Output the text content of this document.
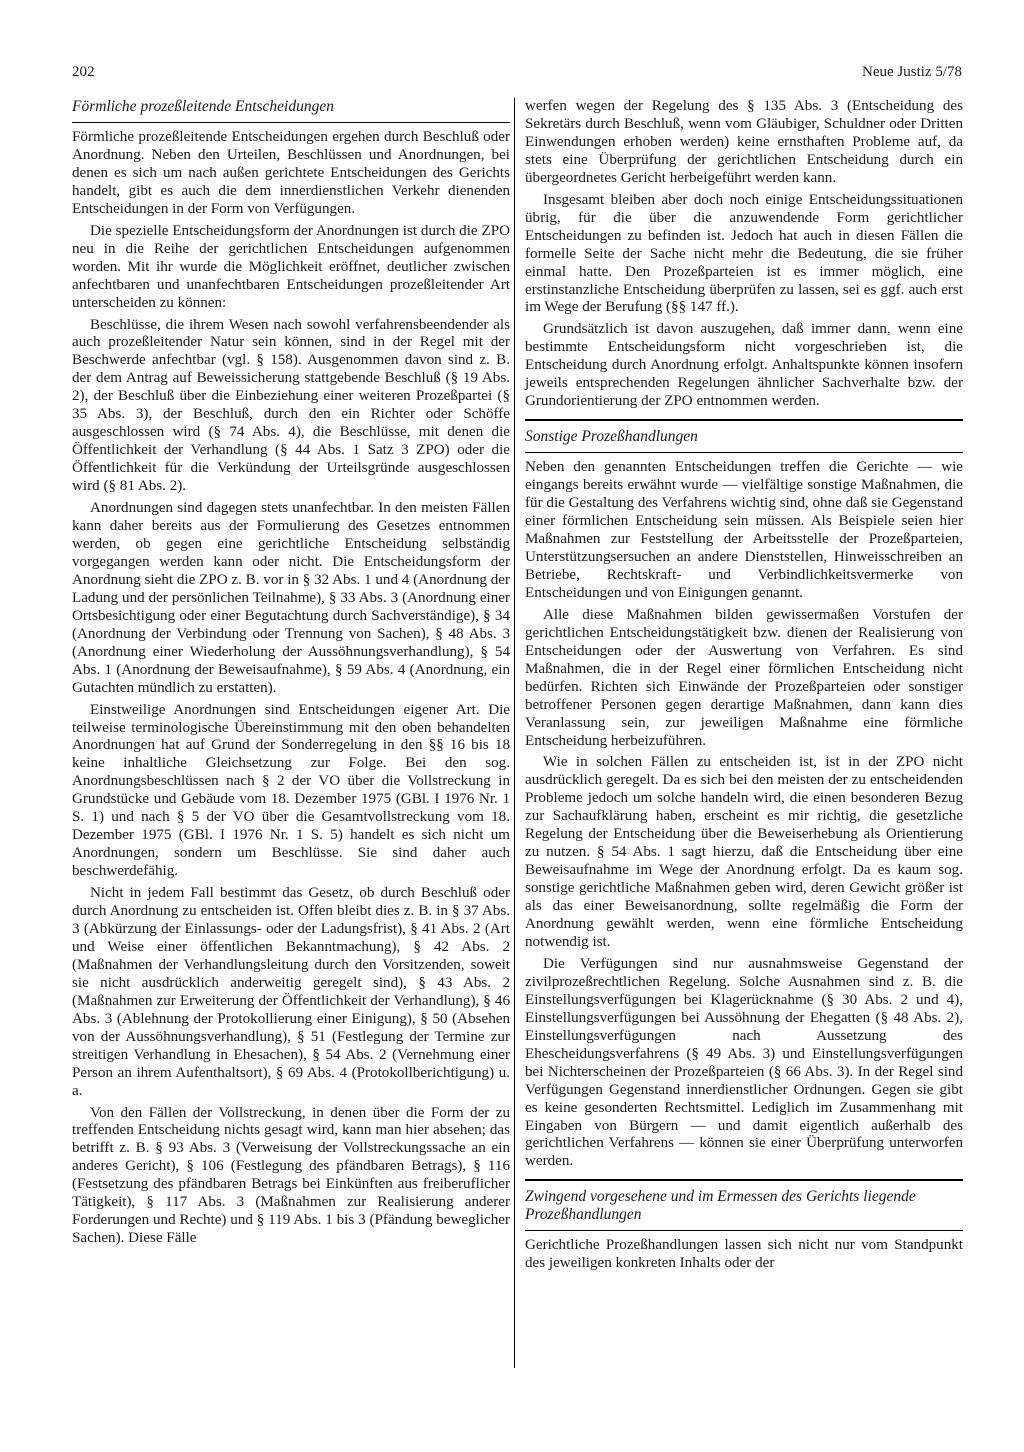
202	Neue Justiz 5/78
Förmliche prozeßleitende Entscheidungen

Förmliche prozeßleitende Entscheidungen ergehen durch Beschluß oder Anordnung. Neben den Urteilen, Beschlüssen und Anordnungen, bei denen es sich um nach außen gerichtete Entscheidungen des Gerichts handelt, gibt es auch die dem innerdienstlichen Verkehr dienenden Entscheidungen in der Form von Verfügungen.

Die spezielle Entscheidungsform der Anordnungen ist durch die ZPO neu in die Reihe der gerichtlichen Entscheidungen aufgenommen worden. Mit ihr wurde die Möglichkeit eröffnet, deutlicher zwischen anfechtbaren und unanfechtbaren Entscheidungen prozeßleitender Art unterscheiden zu können:

Beschlüsse, die ihrem Wesen nach sowohl verfahrensbeendender als auch prozeßleitender Natur sein können, sind in der Regel mit der Beschwerde anfechtbar (vgl. § 158). Ausgenommen davon sind z. B. der dem Antrag auf Beweissicherung stattgebende Beschluß (§ 19 Abs. 2), der Beschluß über die Einbeziehung einer weiteren Prozeßpartei (§ 35 Abs. 3), der Beschluß, durch den ein Richter oder Schöffe ausgeschlossen wird (§ 74 Abs. 4), die Beschlüsse, mit denen die Öffentlichkeit der Verhandlung (§ 44 Abs. 1 Satz 3 ZPO) oder die Öffentlichkeit für die Verkündung der Urteilsgründe ausgeschlossen wird (§ 81 Abs. 2).

Anordnungen sind dagegen stets unanfechtbar. In den meisten Fällen kann daher bereits aus der Formulierung des Gesetzes entnommen werden, ob gegen eine gerichtliche Entscheidung selbständig vorgegangen werden kann oder nicht. Die Entscheidungsform der Anordnung sieht die ZPO z. B. vor in § 32 Abs. 1 und 4 (Anordnung der Ladung und der persönlichen Teilnahme), § 33 Abs. 3 (Anordnung einer Ortsbesichtigung oder einer Begutachtung durch Sachverständige), § 34 (Anordnung der Verbindung oder Trennung von Sachen), § 48 Abs. 3 (Anordnung einer Wiederholung der Aussöhnungsverhandlung), § 54 Abs. 1 (Anordnung der Beweisaufnahme), § 59 Abs. 4 (Anordnung, ein Gutachten mündlich zu erstatten).

Einstweilige Anordnungen sind Entscheidungen eigener Art. Die teilweise terminologische Übereinstimmung mit den oben behandelten Anordnungen hat auf Grund der Sonderregelung in den §§ 16 bis 18 keine inhaltliche Gleichsetzung zur Folge. Bei den sog. Anordnungsbeschlüssen nach § 2 der VO über die Vollstreckung in Grundstücke und Gebäude vom 18. Dezember 1975 (GBl. I 1976 Nr. 1 S. 1) und nach § 5 der VO über die Gesamtvollstreckung vom 18. Dezember 1975 (GBl. I 1976 Nr. 1 S. 5) handelt es sich nicht um Anordnungen, sondern um Beschlüsse. Sie sind daher auch beschwerdefähig.

Nicht in jedem Fall bestimmt das Gesetz, ob durch Beschluß oder durch Anordnung zu entscheiden ist. Offen bleibt dies z. B. in § 37 Abs. 3 (Abkürzung der Einlassungs- oder der Ladungsfrist), § 41 Abs. 2 (Art und Weise einer öffentlichen Bekanntmachung), § 42 Abs. 2 (Maßnahmen der Verhandlungsleitung durch den Vorsitzenden, soweit sie nicht ausdrücklich anderweitig geregelt sind), § 43 Abs. 2 (Maßnahmen zur Erweiterung der Öffentlichkeit der Verhandlung), § 46 Abs. 3 (Ablehnung der Protokollierung einer Einigung), § 50 (Absehen von der Aussöhnungsverhandlung), § 51 (Festlegung der Termine zur streitigen Verhandlung in Ehesachen), § 54 Abs. 2 (Vernehmung einer Person an ihrem Aufenthaltsort), § 69 Abs. 4 (Protokollberichtigung) u. a.

Von den Fällen der Vollstreckung, in denen über die Form der zu treffenden Entscheidung nichts gesagt wird, kann man hier absehen; das betrifft z. B. § 93 Abs. 3 (Verweisung der Vollstreckungssache an ein anderes Gericht), § 106 (Festlegung des pfändbaren Betrags), § 116 (Festsetzung des pfändbaren Betrags bei Einkünften aus freiberuflicher Tätigkeit), § 117 Abs. 3 (Maßnahmen zur Realisierung anderer Forderungen und Rechte) und § 119 Abs. 1 bis 3 (Pfändung beweglicher Sachen). Diese Fälle

werfen wegen der Regelung des § 135 Abs. 3 (Entscheidung des Sekretärs durch Beschluß, wenn vom Gläubiger, Schuldner oder Dritten Einwendungen erhoben werden) keine ernsthaften Probleme auf, da stets eine Überprüfung der gerichtlichen Entscheidung durch ein übergeordnetes Gericht herbeigeführt werden kann.

Insgesamt bleiben aber doch noch einige Entscheidungssituationen übrig, für die über die anzuwendende Form gerichtlicher Entscheidungen zu befinden ist. Jedoch hat auch in diesen Fällen die formelle Seite der Sache nicht mehr die Bedeutung, die sie früher einmal hatte. Den Prozeßparteien ist es immer möglich, eine erstinstanzliche Entscheidung überprüfen zu lassen, sei es ggf. auch erst im Wege der Berufung (§§ 147 ff.).

Grundsätzlich ist davon auszugehen, daß immer dann, wenn eine bestimmte Entscheidungsform nicht vorgeschrieben ist, die Entscheidung durch Anordnung erfolgt. Anhaltspunkte können insofern jeweils entsprechenden Regelungen ähnlicher Sachverhalte bzw. der Grundorientierung der ZPO entnommen werden.

Sonstige Prozeßhandlungen

Neben den genannten Entscheidungen treffen die Gerichte — wie eingangs bereits erwähnt wurde — vielfältige sonstige Maßnahmen, die für die Gestaltung des Verfahrens wichtig sind, ohne daß sie Gegenstand einer förmlichen Entscheidung sein müssen. Als Beispiele seien hier Maßnahmen zur Feststellung der Arbeitsstelle der Prozeßparteien, Unterstützungsersuchen an andere Dienststellen, Hinweisschreiben an Betriebe, Rechtskraft- und Verbindlichkeitsvermerke von Entscheidungen und von Einigungen genannt.

Alle diese Maßnahmen bilden gewissermaßen Vorstufen der gerichtlichen Entscheidungstätigkeit bzw. dienen der Realisierung von Entscheidungen oder der Auswertung von Verfahren. Es sind Maßnahmen, die in der Regel einer förmlichen Entscheidung nicht bedürfen. Richten sich Einwände der Prozeßparteien oder sonstiger betroffener Personen gegen derartige Maßnahmen, dann kann dies Veranlassung sein, zur jeweiligen Maßnahme eine förmliche Entscheidung herbeizuführen.

Wie in solchen Fällen zu entscheiden ist, ist in der ZPO nicht ausdrücklich geregelt. Da es sich bei den meisten der zu entscheidenden Probleme jedoch um solche handeln wird, die einen besonderen Bezug zur Sachaufklärung haben, erscheint es mir richtig, die gesetzliche Regelung der Entscheidung über die Beweiserhebung als Orientierung zu nutzen. § 54 Abs. 1 sagt hierzu, daß die Entscheidung über eine Beweisaufnahme im Wege der Anordnung erfolgt. Da es kaum sog. sonstige gerichtliche Maßnahmen geben wird, deren Gewicht größer ist als das einer Beweisanordnung, sollte regelmäßig die Form der Anordnung gewählt werden, wenn eine förmliche Entscheidung notwendig ist.

Die Verfügungen sind nur ausnahmsweise Gegenstand der zivilprozeßrechtlichen Regelung. Solche Ausnahmen sind z. B. die Einstellungsverfügungen bei Klagerücknahme (§ 30 Abs. 2 und 4), Einstellungsverfügungen bei Aussöhnung der Ehegatten (§ 48 Abs. 2), Einstellungsverfügungen nach Aussetzung des Ehescheidungsverfahrens (§ 49 Abs. 3) und Einstellungsverfügungen bei Nichterscheinen der Prozeßparteien (§ 66 Abs. 3). In der Regel sind Verfügungen Gegenstand innerdienstlicher Ordnungen. Gegen sie gibt es keine gesonderten Rechtsmittel. Lediglich im Zusammenhang mit Eingaben von Bürgern — und damit eigentlich außerhalb des gerichtlichen Verfahrens — können sie einer Überprüfung unterworfen werden.

Zwingend vorgesehene und im Ermessen des Gerichts liegende Prozeßhandlungen

Gerichtliche Prozeßhandlungen lassen sich nicht nur vom Standpunkt des jeweiligen konkreten Inhalts oder der
